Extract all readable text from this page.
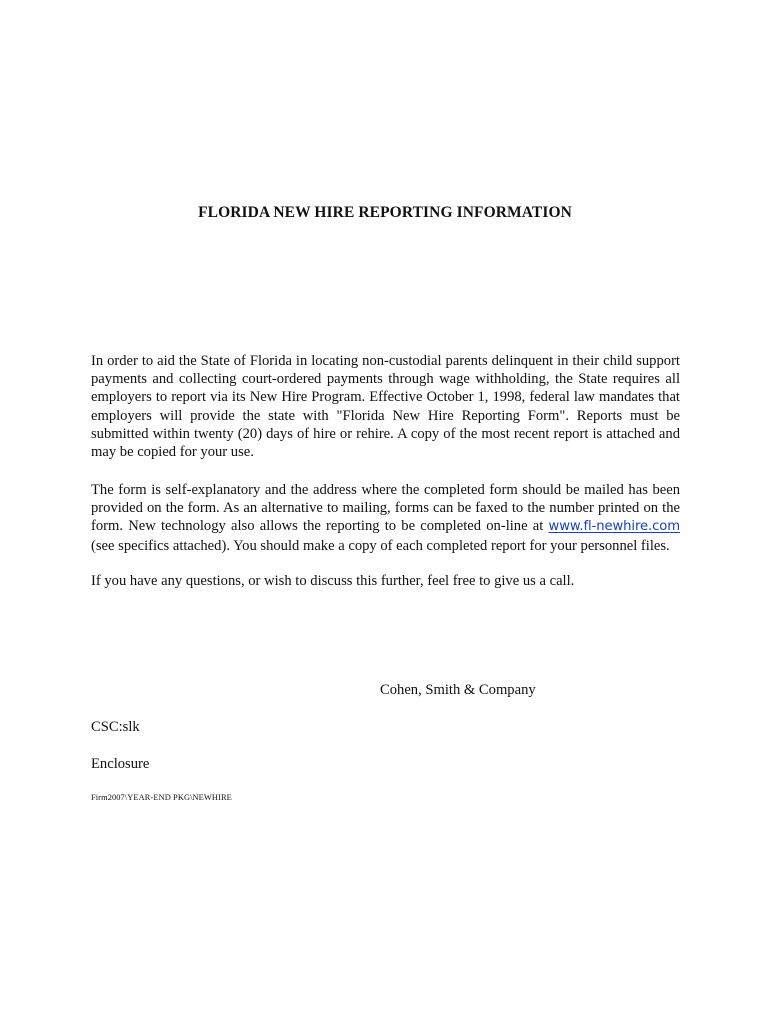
FLORIDA NEW HIRE REPORTING INFORMATION

In order to aid the State of Florida in locating non-custodial parents delinquent in their child support payments and collecting court-ordered payments through wage withholding, the State requires all employers to report via its New Hire Program. Effective October 1, 1998, federal law mandates that employers will provide the state with "Florida New Hire Reporting Form". Reports must be submitted within twenty (20) days of hire or rehire. A copy of the most recent report is attached and may be copied for your use.

The form is self-explanatory and the address where the completed form should be mailed has been provided on the form. As an alternative to mailing, forms can be faxed to the number printed on the form. New technology also allows the reporting to be completed on-line at www.fl-newhire.com (see specifics attached). You should make a copy of each completed report for your personnel files.

If you have any questions, or wish to discuss this further, feel free to give us a call.

Cohen, Smith & Company

CSC:slk

Enclosure

Firm2007\YEAR-END PKG\NEWHIRE
